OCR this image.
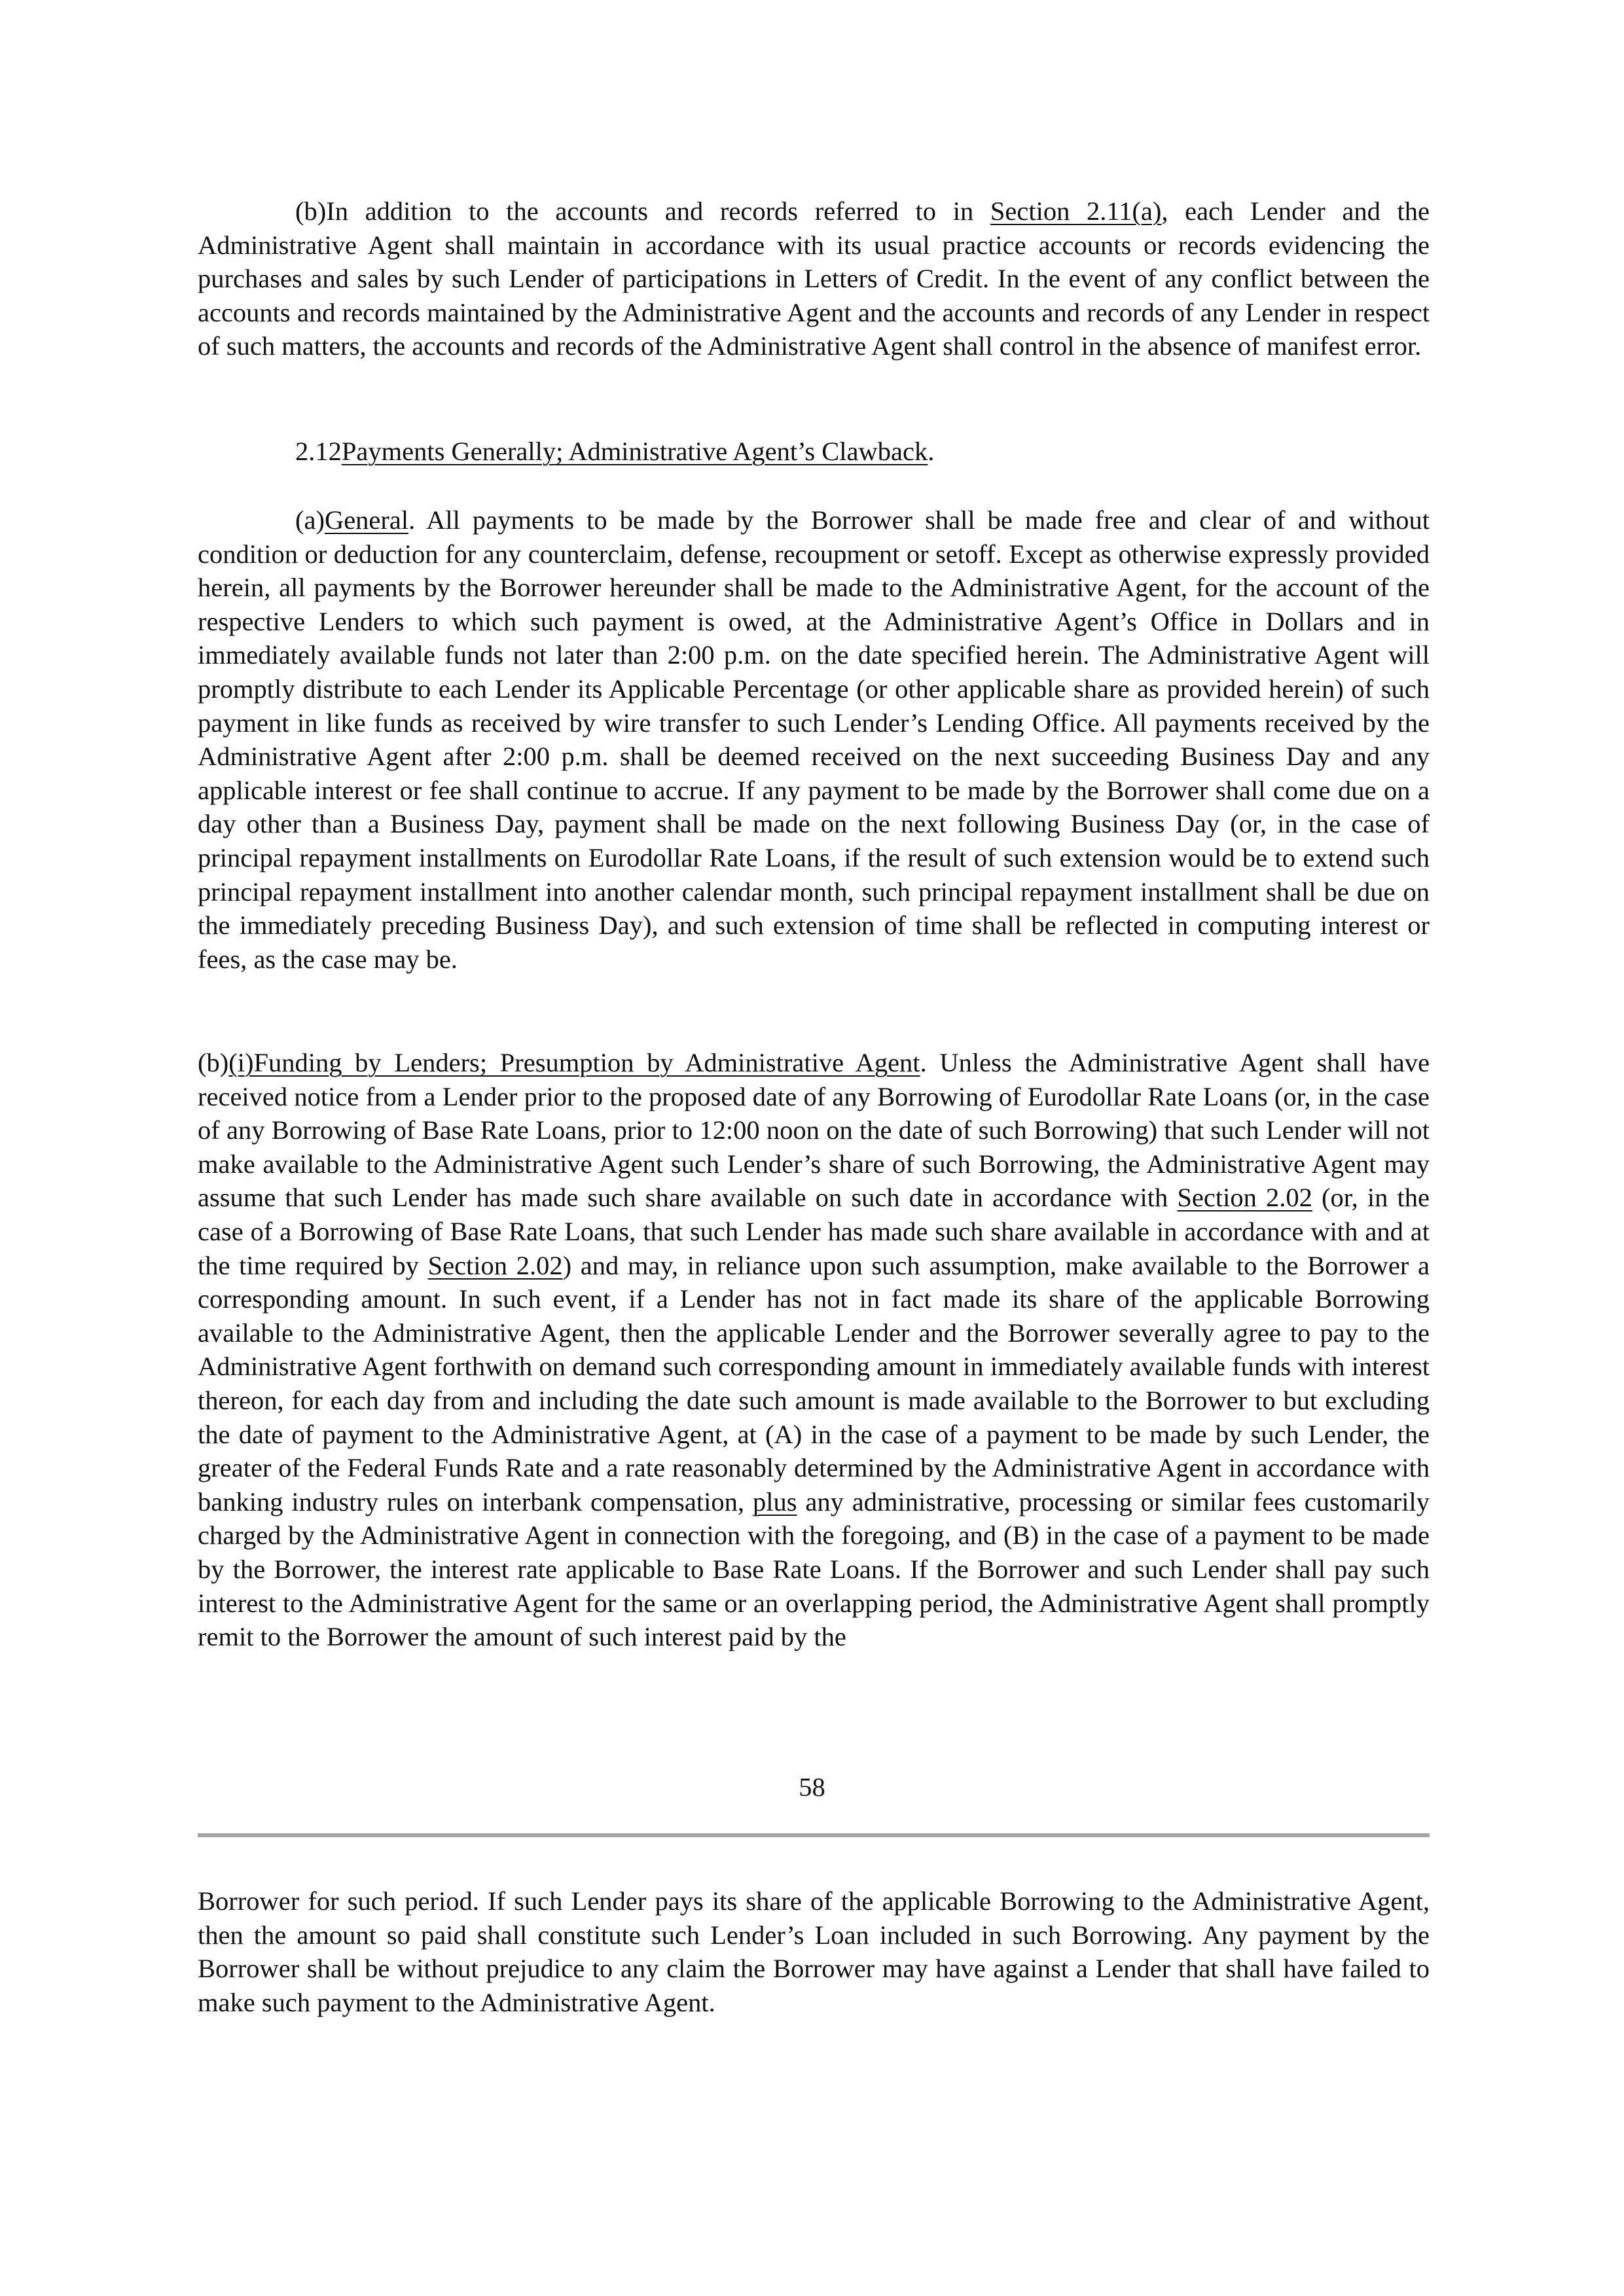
(b)In addition to the accounts and records referred to in Section 2.11(a), each Lender and the Administrative Agent shall maintain in accordance with its usual practice accounts or records evidencing the purchases and sales by such Lender of participations in Letters of Credit. In the event of any conflict between the accounts and records maintained by the Administrative Agent and the accounts and records of any Lender in respect of such matters, the accounts and records of the Administrative Agent shall control in the absence of manifest error.
2.12Payments Generally; Administrative Agent’s Clawback.
(a)General. All payments to be made by the Borrower shall be made free and clear of and without condition or deduction for any counterclaim, defense, recoupment or setoff. Except as otherwise expressly provided herein, all payments by the Borrower hereunder shall be made to the Administrative Agent, for the account of the respective Lenders to which such payment is owed, at the Administrative Agent’s Office in Dollars and in immediately available funds not later than 2:00 p.m. on the date specified herein. The Administrative Agent will promptly distribute to each Lender its Applicable Percentage (or other applicable share as provided herein) of such payment in like funds as received by wire transfer to such Lender’s Lending Office. All payments received by the Administrative Agent after 2:00 p.m. shall be deemed received on the next succeeding Business Day and any applicable interest or fee shall continue to accrue. If any payment to be made by the Borrower shall come due on a day other than a Business Day, payment shall be made on the next following Business Day (or, in the case of principal repayment installments on Eurodollar Rate Loans, if the result of such extension would be to extend such principal repayment installment into another calendar month, such principal repayment installment shall be due on the immediately preceding Business Day), and such extension of time shall be reflected in computing interest or fees, as the case may be.
(b)(i)Funding by Lenders; Presumption by Administrative Agent. Unless the Administrative Agent shall have received notice from a Lender prior to the proposed date of any Borrowing of Eurodollar Rate Loans (or, in the case of any Borrowing of Base Rate Loans, prior to 12:00 noon on the date of such Borrowing) that such Lender will not make available to the Administrative Agent such Lender’s share of such Borrowing, the Administrative Agent may assume that such Lender has made such share available on such date in accordance with Section 2.02 (or, in the case of a Borrowing of Base Rate Loans, that such Lender has made such share available in accordance with and at the time required by Section 2.02) and may, in reliance upon such assumption, make available to the Borrower a corresponding amount. In such event, if a Lender has not in fact made its share of the applicable Borrowing available to the Administrative Agent, then the applicable Lender and the Borrower severally agree to pay to the Administrative Agent forthwith on demand such corresponding amount in immediately available funds with interest thereon, for each day from and including the date such amount is made available to the Borrower to but excluding the date of payment to the Administrative Agent, at (A) in the case of a payment to be made by such Lender, the greater of the Federal Funds Rate and a rate reasonably determined by the Administrative Agent in accordance with banking industry rules on interbank compensation, plus any administrative, processing or similar fees customarily charged by the Administrative Agent in connection with the foregoing, and (B) in the case of a payment to be made by the Borrower, the interest rate applicable to Base Rate Loans. If the Borrower and such Lender shall pay such interest to the Administrative Agent for the same or an overlapping period, the Administrative Agent shall promptly remit to the Borrower the amount of such interest paid by the
58
Borrower for such period. If such Lender pays its share of the applicable Borrowing to the Administrative Agent, then the amount so paid shall constitute such Lender’s Loan included in such Borrowing. Any payment by the Borrower shall be without prejudice to any claim the Borrower may have against a Lender that shall have failed to make such payment to the Administrative Agent.
